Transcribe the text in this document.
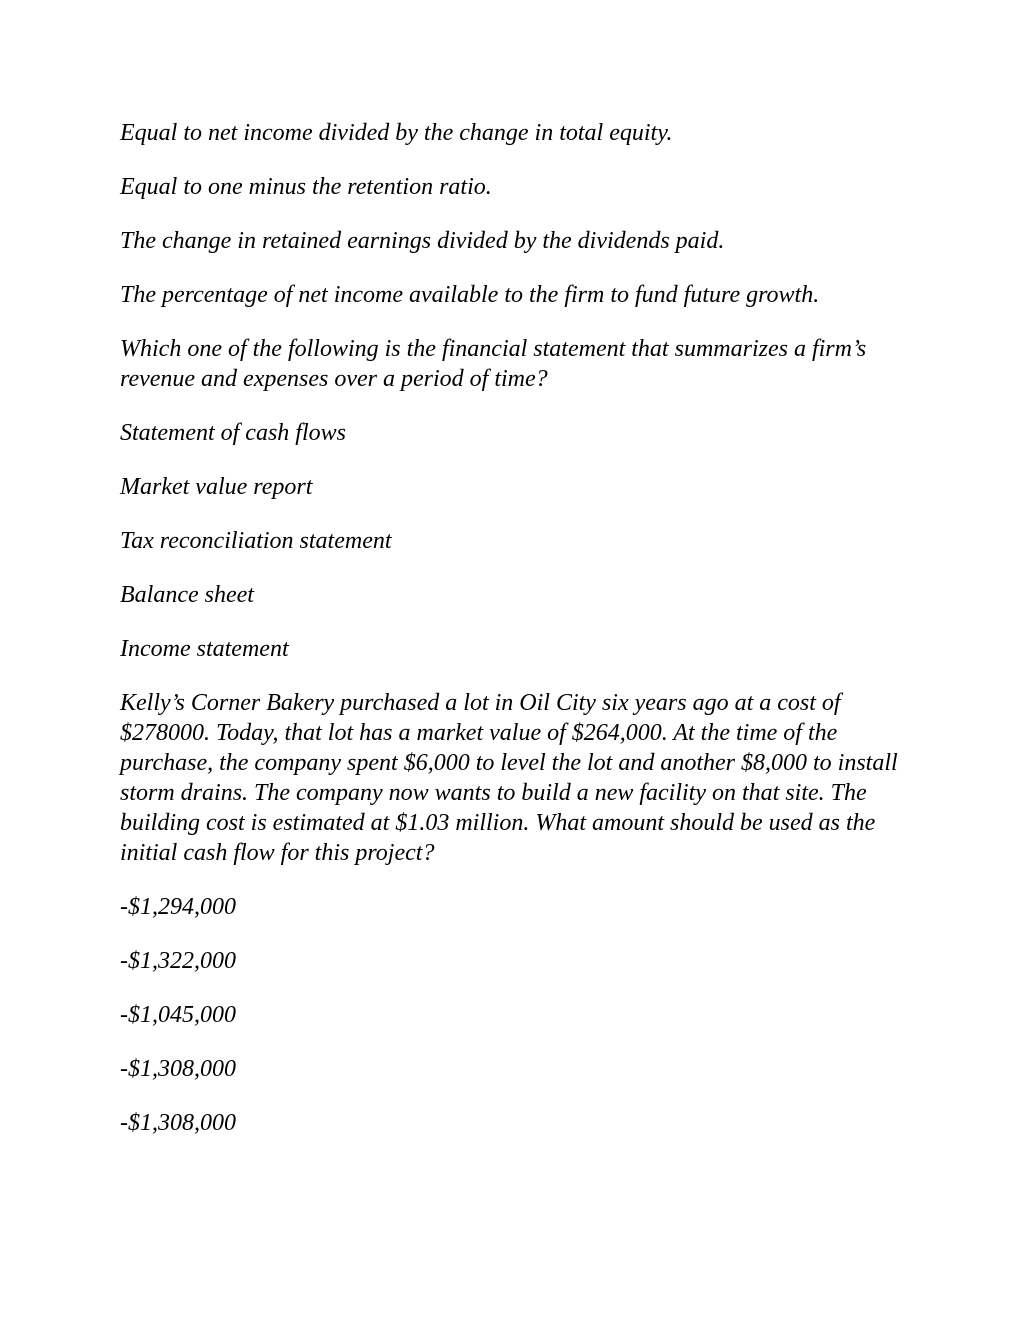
Equal to net income divided by the change in total equity.

Equal to one minus the retention ratio.

The change in retained earnings divided by the dividends paid.

The percentage of net income available to the firm to fund future growth.

Which one of the following is the financial statement that summarizes a firm’s revenue and expenses over a period of time?

Statement of cash flows

Market value report

Tax reconciliation statement

Balance sheet

Income statement

Kelly’s Corner Bakery purchased a lot in Oil City six years ago at a cost of $278000. Today, that lot has a market value of $264,000. At the time of the purchase, the company spent $6,000 to level the lot and another $8,000 to install storm drains. The company now wants to build a new facility on that site. The building cost is estimated at $1.03 million. What amount should be used as the initial cash flow for this project?

-$1,294,000

-$1,322,000

-$1,045,000

-$1,308,000

-$1,308,000
